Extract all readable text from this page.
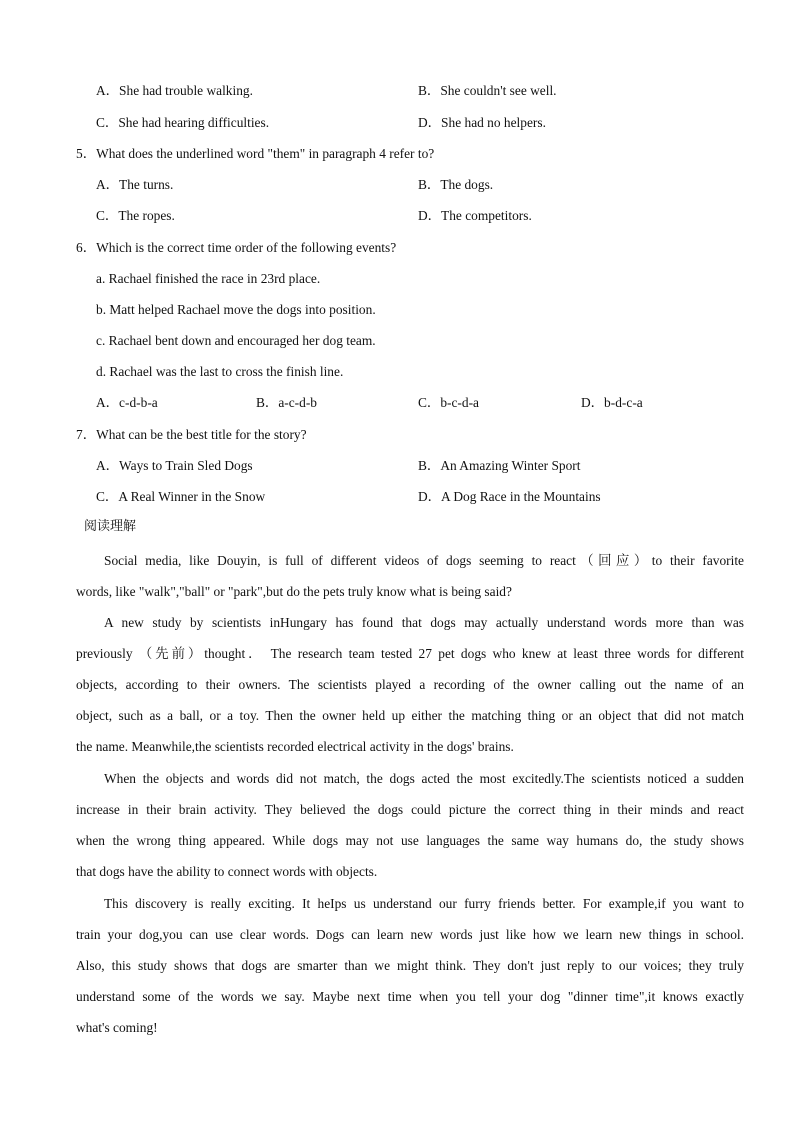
A．She had trouble walking.	B．She couldn't see well.
C．She had hearing difficulties.	D．She had no helpers.
5．What does the underlined word "them" in paragraph 4 refer to?
A．The turns.	B．The dogs.
C．The ropes.	D．The competitors.
6．Which is the correct time order of the following events?
a. Rachael finished the race in 23rd place.
b. Matt helped Rachael move the dogs into position.
c. Rachael bent down and encouraged her dog team.
d. Rachael was the last to cross the finish line.
A．c-d-b-a	B．a-c-d-b	C．b-c-d-a	D．b-d-c-a
7．What can be the best title for the story?
A．Ways to Train Sled Dogs	B．An Amazing Winter Sport
C．A Real Winner in the Snow	D．A Dog Race in the Mountains
阅读理解
Social media, like Douyin, is full of different videos of dogs seeming to react（回应）to their favorite
words, like "walk","ball" or "park",but do the pets truly know what is being said?
A new study by scientists inHungary has found that dogs may actually understand words more than was
previously （先前）thought． The research team tested 27 pet dogs who knew at least three words for different
objects, according to their owners. The scientists played a recording of the owner calling out the name of an
object, such as a ball, or a toy. Then the owner held up either the matching thing or an object that did not match
the name. Meanwhile,the scientists recorded electrical activity in the dogs' brains.
When the objects and words did not match, the dogs acted the most excitedly.The scientists noticed a sudden
increase in their brain activity. They believed the dogs could picture the correct thing in their minds and react
when the wrong thing appeared. While dogs may not use languages the same way humans do, the study shows
that dogs have the ability to connect words with objects.
This discovery is really exciting. It heIps us understand our furry friends better. For example,if you want to
train your dog,you can use clear words. Dogs can learn new words just like how we learn new things in school.
Also, this study shows that dogs are smarter than we might think. They don't just reply to our voices; they truly
understand some of the words we say. Maybe next time when you tell your dog "dinner time",it knows exactly
what's coming!
